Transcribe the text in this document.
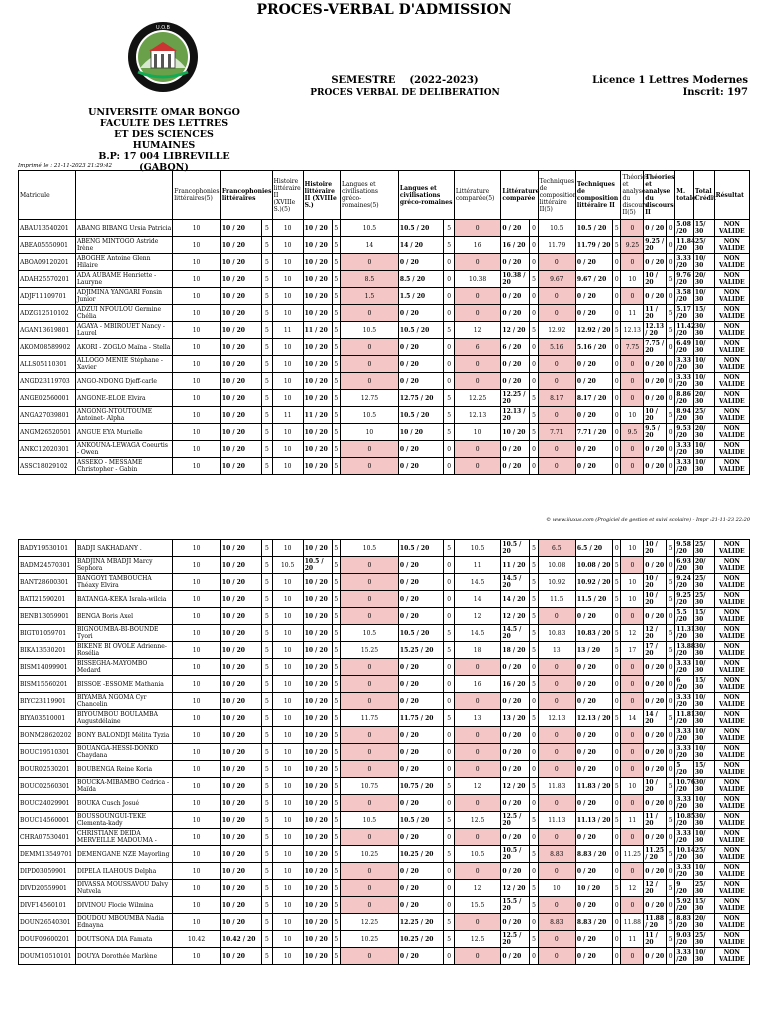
PROCES-VERBAL D'ADMISSION
U.O.B
UNIVERSITE OMAR BONGO
FACULTE DES LETTRES
ET DES SCIENCES HUMAINES
B.P: 17 004 LIBREVILLE (GABON)
SEMESTRE (2022-2023)
PROCES VERBAL DE DELIBERATION
Licence 1 Lettres Modernes
Inscrit: 197
Imprimé le : 21-11-2023 21:29:42
Matricule		Francophonies littéraires(5)	Francophonies littéraires		Histoire littéraire II (XVIIIe S.)(5)	Histoire littéraire II (XVIIIe S.)		Langues et civilisations gréco-romaines(5)	Langues et civilisations gréco-romaines		Littérature comparée(5)	Littérature comparée		Techniques de composition littéraire II(5)	Techniques de composition littéraire II		Théories et analyse du discours II(5)	Théories et analyse du discours II		M. totale	Total Crédit	Résultat
ABAU13540201	ABANG BIBANG Ursia Patricia	10	10 / 20	5	10	10 / 20	5	10.5	10.5 / 20	5	0	0 / 20	0	10.5	10.5 / 20	5	0	0 / 20	0	5.08 /20	15/ 30	NON VALIDE
ABEA05550901	ABENG MINTOGO Astride Irène	10	10 / 20	5	10	10 / 20	5	14	14 / 20	5	16	16 / 20	0	11.79	11.79 / 20	5	9.25	9.25 / 20	0	11.84 /20	25/ 30	NON VALIDE
ABOA09120201	ABOGHE Antoine Glenn Hilaire	10	10 / 20	5	10	10 / 20	5	0	0 / 20	0	0	0 / 20	0	0	0 / 20	0	0	0 / 20	0	3.33 /20	10/ 30	NON VALIDE
ADAH25570201	ADA AUBAME Henriette - Lauryne	10	10 / 20	5	10	10 / 20	5	8.5	8.5 / 20	0	10.38	10.38 / 20	5	9.67	9.67 / 20	0	10	10 / 20	5	9.76 /20	20/ 30	NON VALIDE
ADJF11109701	ADJIMINA YANGARI Fonsin Junior	10	10 / 20	5	10	10 / 20	5	1.5	1.5 / 20	0	0	0 / 20	0	0	0 / 20	0	0	0 / 20	0	3.58 /20	10/ 30	NON VALIDE
ADZG12510102	ADZUI NFOULOU Germine Chélia	10	10 / 20	5	10	10 / 20	5	0	0 / 20	0	0	0 / 20	0	0	0 / 20	0	11	11 / 20	5	5.17 /20	15/ 30	NON VALIDE
AGAN13619801	AGAYA - MBIROUET Nancy - Laurel	10	10 / 20	5	11	11 / 20	5	10.5	10.5 / 20	5	12	12 / 20	5	12.92	12.92 / 20	5	12.13	12.13 / 20	5	11.42 /20	30/ 30	NON VALIDE
AKOM08589902	AKORI - ZOGLO Maïna - Stella	10	10 / 20	5	10	10 / 20	5	0	0 / 20	0	6	6 / 20	0	5.16	5.16 / 20	0	7.75	7.75 / 20	0	6.49 /20	10/ 30	NON VALIDE
ALLS05110301	ALLOGO MENIE Stéphane - Xavier	10	10 / 20	5	10	10 / 20	5	0	0 / 20	0	0	0 / 20	0	0	0 / 20	0	0	0 / 20	0	3.33 /20	10/ 30	NON VALIDE
ANGD23119703	ANGO-NDONG Djeff-carle	10	10 / 20	5	10	10 / 20	5	0	0 / 20	0	0	0 / 20	0	0	0 / 20	0	0	0 / 20	0	3.33 /20	10/ 30	NON VALIDE
ANGE02560001	ANGONE-ELOE Elvira	10	10 / 20	5	10	10 / 20	5	12.75	12.75 / 20	5	12.25	12.25 / 20	5	8.17	8.17 / 20	0	0	0 / 20	0	8.86 /20	20/ 30	NON VALIDE
ANGA27039801	ANGONG-NTOUTOUME Antoinet- Alpha	10	10 / 20	5	11	11 / 20	5	10.5	10.5 / 20	5	12.13	12.13 / 20	5	0	0 / 20	0	10	10 / 20	5	8.94 /20	25/ 30	NON VALIDE
ANGM26520501	ANGUE EYA Murielle	10	10 / 20	5	10	10 / 20	5	10	10 / 20	5	10	10 / 20	5	7.71	7.71 / 20	0	9.5	9.5 / 20	0	9.53 /20	20/ 30	NON VALIDE
ANKC12020301	ANKOUNA-LEWAGA Coeurtis - Owen	10	10 / 20	5	10	10 / 20	5	0	0 / 20	0	0	0 / 20	0	0	0 / 20	0	0	0 / 20	0	3.33 /20	10/ 30	NON VALIDE
ASSC18029102	ASSEKO - MESSAME Christopher - Gabin	10	10 / 20	5	10	10 / 20	5	0	0 / 20	0	0	0 / 20	0	0	0 / 20	0	0	0 / 20	0	3.33 /20	10/ 30	NON VALIDE
© www.iiuxus.com (Progiciel de gestion et suivi scolaire) - Impr :21-11-23 22:20
BADY19530101	BADJI SAKHADANY .	10	10 / 20	5	10	10 / 20	5	10.5	10.5 / 20	5	10.5	10.5 / 20	5	6.5	6.5 / 20	0	10	10 / 20	5	9.58 /20	25/ 30	NON VALIDE
BADM24570301	BADJINA MBADJI Marcy Sephora	10	10 / 20	5	10.5	10.5 / 20	5	0	0 / 20	0	11	11 / 20	5	10.08	10.08 / 20	5	0	0 / 20	0	6.93 /20	20/ 30	NON VALIDE
BANT28600301	BANGOYI TAMBOUCHA Théaxy Elvira	10	10 / 20	5	10	10 / 20	5	0	0 / 20	0	14.5	14.5 / 20	5	10.92	10.92 / 20	5	10	10 / 20	5	9.24 /20	25/ 30	NON VALIDE
BATI21590201	BATANGA-KEKA Israla-wilcia	10	10 / 20	5	10	10 / 20	5	0	0 / 20	0	14	14 / 20	5	11.5	11.5 / 20	5	10	10 / 20	5	9.25 /20	25/ 30	NON VALIDE
BENB13059901	BENGA Boris Axel	10	10 / 20	5	10	10 / 20	5	0	0 / 20	0	12	12 / 20	5	0	0 / 20	0	0	0 / 20	0	5.5 /20	15/ 30	NON VALIDE
BIGT01059701	BIGNOUMBA-BI-BOUNDE Tyori	10	10 / 20	5	10	10 / 20	5	10.5	10.5 / 20	5	14.5	14.5 / 20	5	10.83	10.83 / 20	5	12	12 / 20	5	11.31 /20	30/ 30	NON VALIDE
BIKA13530201	BIKENE BI OVOLE Adrienne-Rosélia	10	10 / 20	5	10	10 / 20	5	15.25	15.25 / 20	5	18	18 / 20	5	13	13 / 20	5	17	17 / 20	5	13.88 /20	30/ 30	NON VALIDE
BISM14099901	BISSEGHA-MAYOMBO Medard	10	10 / 20	5	10	10 / 20	5	0	0 / 20	0	0	0 / 20	0	0	0 / 20	0	0	0 / 20	0	3.33 /20	10/ 30	NON VALIDE
BISM15560201	BISSOE -ESSOME Mathania	10	10 / 20	5	10	10 / 20	5	0	0 / 20	0	16	16 / 20	5	0	0 / 20	0	0	0 / 20	0	6 /20	15/ 30	NON VALIDE
BIYC23119901	BIYAMBA NGOMA Cyr Chancelin	10	10 / 20	5	10	10 / 20	5	0	0 / 20	0	0	0 / 20	0	0	0 / 20	0	0	0 / 20	0	3.33 /20	10/ 30	NON VALIDE
BIYA03510001	BIYOUMBOU BOULAMBA Augustdélaine	10	10 / 20	5	10	10 / 20	5	11.75	11.75 / 20	5	13	13 / 20	5	12.13	12.13 / 20	5	14	14 / 20	5	11.81 /20	30/ 30	NON VALIDE
BONM28620202	BONY BALONDJI Mélita Tyzia	10	10 / 20	5	10	10 / 20	5	0	0 / 20	0	0	0 / 20	0	0	0 / 20	0	0	0 / 20	0	3.33 /20	10/ 30	NON VALIDE
BOUC19510301	BOUANGA-HESSI-DONKO Chaydana	10	10 / 20	5	10	10 / 20	5	0	0 / 20	0	0	0 / 20	0	0	0 / 20	0	0	0 / 20	0	3.33 /20	10/ 30	NON VALIDE
BOUR02530201	BOUBENGA Reine Koria	10	10 / 20	5	10	10 / 20	5	0	0 / 20	0	0	0 / 20	0	0	0 / 20	0	0	0 / 20	0	5 /20	15/ 30	NON VALIDE
BOUC02560301	BOUCKA-MIBAMBO Cedrica - Maïda	10	10 / 20	5	10	10 / 20	5	10.75	10.75 / 20	5	12	12 / 20	5	11.83	11.83 / 20	5	10	10 / 20	5	10.76 /20	30/ 30	NON VALIDE
BOUC24029901	BOUKA Cusch Josué	10	10 / 20	5	10	10 / 20	5	0	0 / 20	0	0	0 / 20	0	0	0 / 20	0	0	0 / 20	0	3.33 /20	10/ 30	NON VALIDE
BOUC14560001	BOUSSOUNGUI-TEKE Clementa-kady	10	10 / 20	5	10	10 / 20	5	10.5	10.5 / 20	5	12.5	12.5 / 20	5	11.13	11.13 / 20	5	11	11 / 20	5	10.85 /20	30/ 30	NON VALIDE
CHRA07530401	CHRISTIANE DEIDA MERVEILLE MADOUMA -	10	10 / 20	5	10	10 / 20	5	0	0 / 20	0	0	0 / 20	0	0	0 / 20	0	0	0 / 20	0	3.33 /20	10/ 30	NON VALIDE
DEMM13549701	DEMENGANE NZE Mayorling	10	10 / 20	5	10	10 / 20	5	10.25	10.25 / 20	5	10.5	10.5 / 20	5	8.83	8.83 / 20	0	11.25	11.25 / 20	5	10.14 /20	25/ 30	NON VALIDE
DIPD03059901	DIPELA ILAHOUS Delpha	10	10 / 20	5	10	10 / 20	5	0	0 / 20	0	0	0 / 20	0	0	0 / 20	0	0	0 / 20	0	3.33 /20	10/ 30	NON VALIDE
DIVD20559901	DIVASSA MOUSSAVOU Dalvy Nutvela	10	10 / 20	5	10	10 / 20	5	0	0 / 20	0	12	12 / 20	5	10	10 / 20	5	12	12 / 20	5	9 /20	25/ 30	NON VALIDE
DIVF14560101	DIVINOU Flocie Wilmina	10	10 / 20	5	10	10 / 20	5	0	0 / 20	0	15.5	15.5 / 20	5	0	0 / 20	0	0	0 / 20	0	5.92 /20	15/ 30	NON VALIDE
DOUN26540301	DOUDOU MBOUMBA Nadia Ednayna	10	10 / 20	5	10	10 / 20	5	12.25	12.25 / 20	5	0	0 / 20	0	8.83	8.83 / 20	0	11.88	11.88 / 20	5	8.83 /20	20/ 30	NON VALIDE
DOUF09600201	DOUTSONA DIA Famata	10.42	10.42 / 20	5	10	10 / 20	5	10.25	10.25 / 20	5	12.5	12.5 / 20	5	0	0 / 20	0	11	11 / 20	5	9.03 /20	25/ 30	NON VALIDE
DOUM10510101	DOUYA Dorothée Marlène	10	10 / 20	5	10	10 / 20	5	0	0 / 20	0	0	0 / 20	0	0	0 / 20	0	0	0 / 20	0	3.33 /20	10/ 30	NON VALIDE
